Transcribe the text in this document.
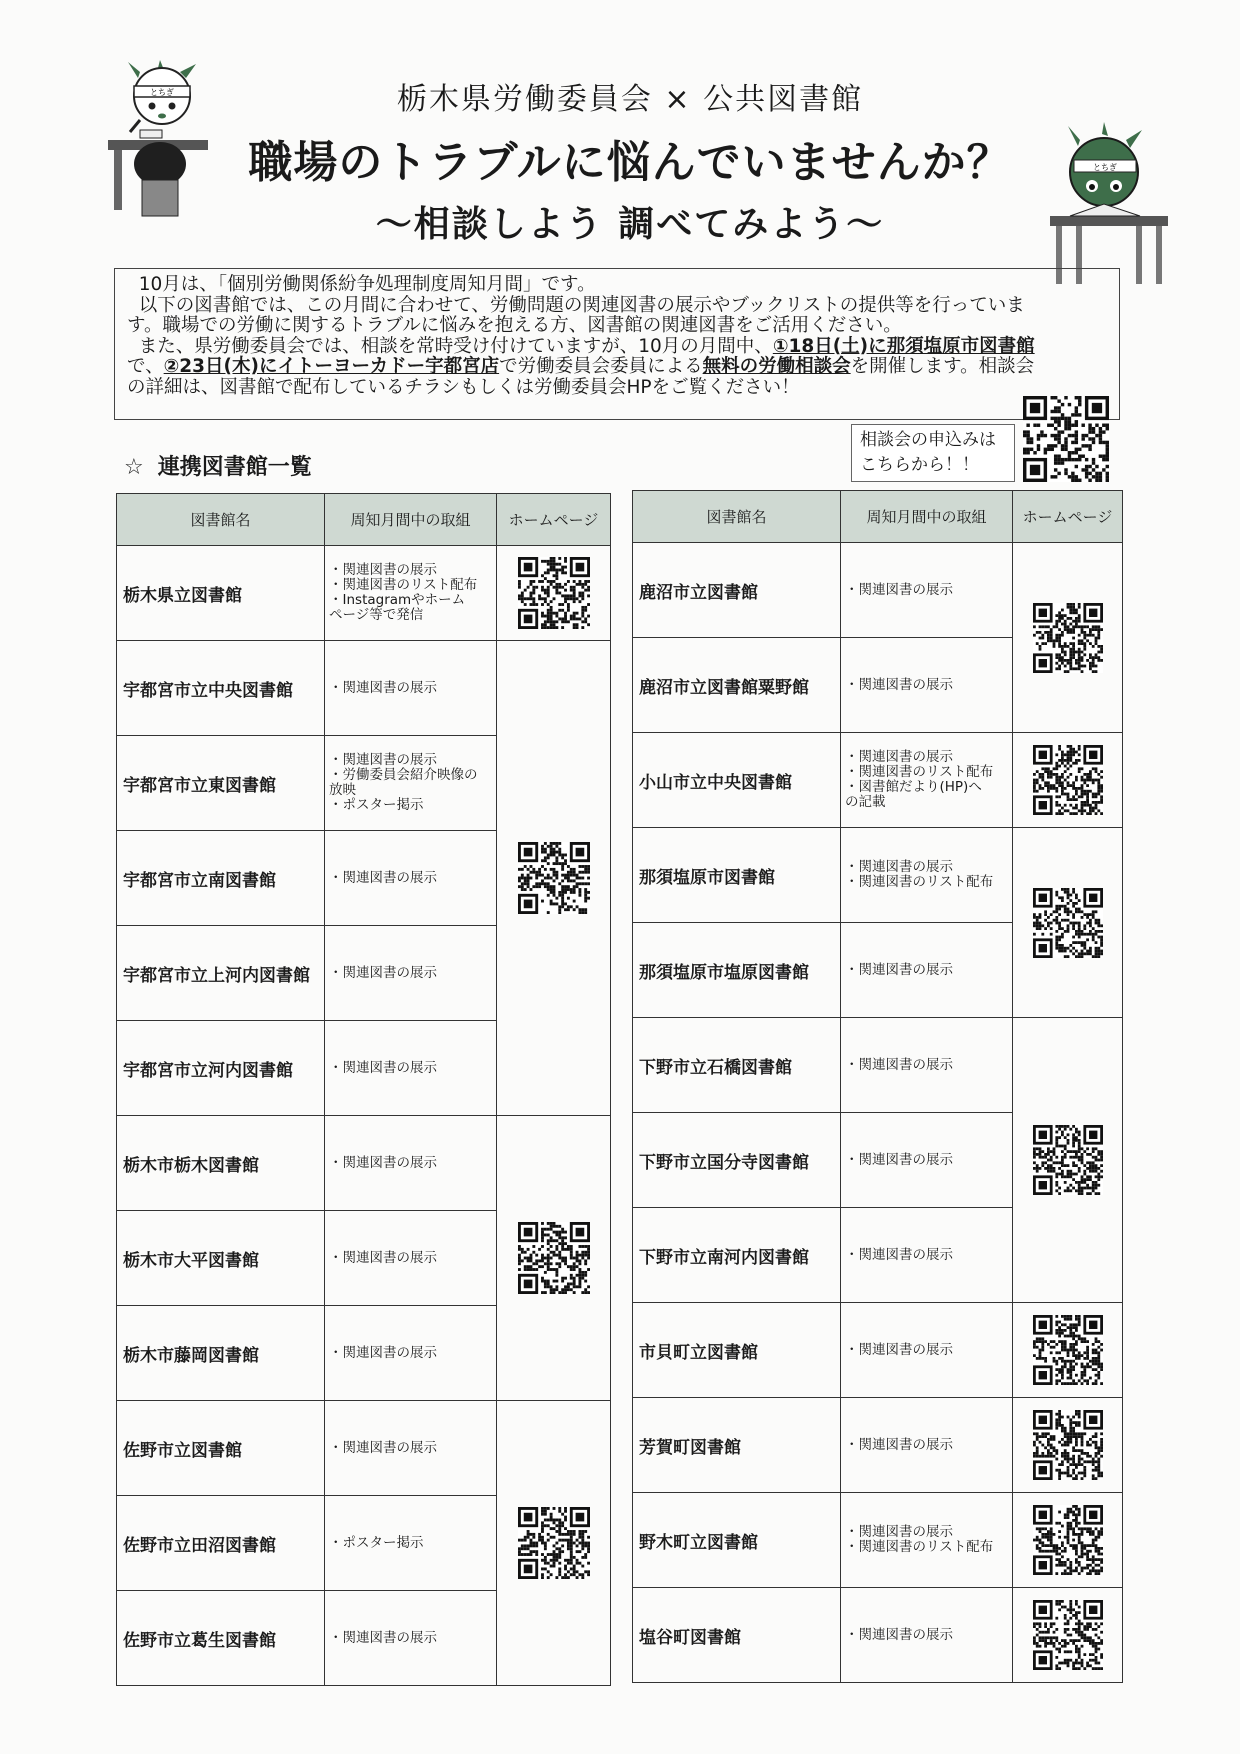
とちぎ
とちぎ
栃木県労働委員会 × 公共図書館
職場のトラブルに悩んでいませんか？
～相談しよう 調べてみよう～

10月は、「個別労働関係紛争処理制度周知月間」です。

以下の図書館では、この月間に合わせて、労働問題の関連図書の展示やブックリストの提供等を行っていま

す。職場での労働に関するトラブルに悩みを抱える方、図書館の関連図書をご活用ください。

また、県労働委員会では、相談を常時受け付けていますが、10月の月間中、①18日(土)に那須塩原市図書館

で、②23日(木)にイトーヨーカドー宇都宮店で労働委員会委員による無料の労働相談会を開催します。相談会

の詳細は、図書館で配布しているチラシもしくは労働委員会HPをご覧ください！

相談会の申込みは
こちらから！！
☆ 連携図書館一覧
図書館名	周知月間中の取組	ホームページ
栃木県立図書館	・関連図書の展示
・関連図書のリスト配布
・Instagramやホーム
ページ等で発信

宇都宮市立中央図書館	・関連図書の展示

宇都宮市立東図書館	・関連図書の展示
・労働委員会紹介映像の
放映
・ポスター掲示	

宇都宮市立南図書館	・関連図書の展示	

宇都宮市立上河内図書館	・関連図書の展示	

宇都宮市立河内図書館	・関連図書の展示	

栃木市栃木図書館	・関連図書の展示

栃木市大平図書館	・関連図書の展示	

栃木市藤岡図書館	・関連図書の展示	

佐野市立図書館	・関連図書の展示

佐野市立田沼図書館	・ポスター掲示	

佐野市立葛生図書館	・関連図書の展示	
図書館名	周知月間中の取組	ホームページ
鹿沼市立図書館	・関連図書の展示

鹿沼市立図書館粟野館	・関連図書の展示	

小山市立中央図書館	・関連図書の展示
・関連図書のリスト配布
・図書館だより(HP)へ
の記載

那須塩原市図書館	・関連図書の展示
・関連図書のリスト配布

那須塩原市塩原図書館	・関連図書の展示	

下野市立石橋図書館	・関連図書の展示

下野市立国分寺図書館	・関連図書の展示	

下野市立南河内図書館	・関連図書の展示	

市貝町立図書館	・関連図書の展示

芳賀町図書館	・関連図書の展示

野木町立図書館	・関連図書の展示
・関連図書のリスト配布

塩谷町図書館	・関連図書の展示
